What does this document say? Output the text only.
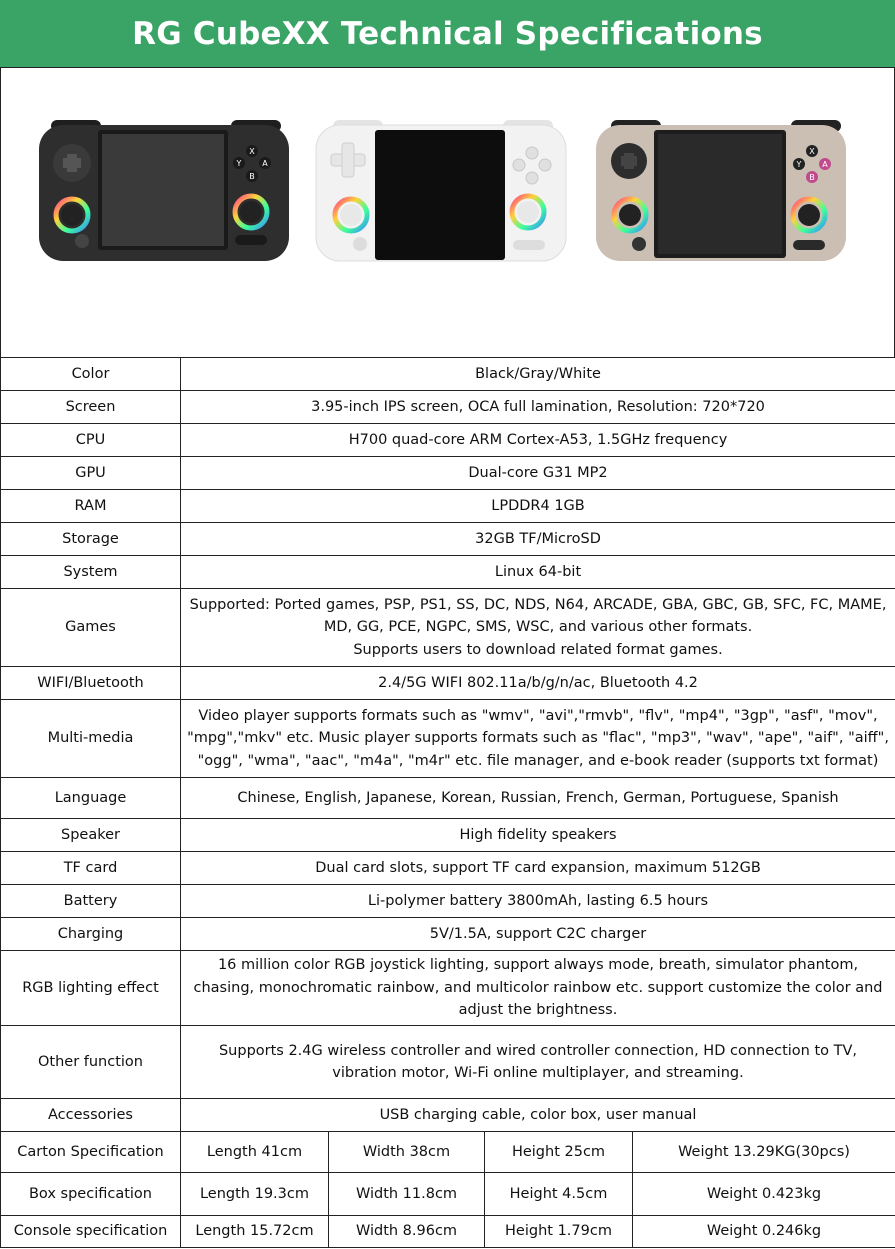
RG CubeXX Technical Specifications
X
Y	A
B
X
Y	A
B
Color	Black/Gray/White			
Screen	3.95-inch IPS screen, OCA full lamination, Resolution: 720*720			
CPU	H700 quad-core ARM Cortex-A53, 1.5GHz frequency			
GPU	Dual-core G31 MP2			
RAM	LPDDR4 1GB			
Storage	32GB TF/MicroSD			
System	Linux 64-bit			
Games	Supported: Ported games, PSP, PS1, SS, DC, NDS, N64, ARCADE, GBA, GBC, GB, SFC, FC, MAME, MD, GG, PCE, NGPC, SMS, WSC, and various other formats.
Supports users to download related format games.			
WIFI/Bluetooth	2.4/5G WIFI 802.11a/b/g/n/ac, Bluetooth 4.2			
Multi-media	Video player supports formats such as "wmv", "avi","rmvb", "flv", "mp4", "3gp", "asf", "mov", "mpg","mkv" etc. Music player supports formats such as "flac", "mp3", "wav", "ape", "aif", "aiff", "ogg", "wma", "aac", "m4a", "m4r" etc. file manager, and e-book reader (supports txt format)			
Language	Chinese, English, Japanese, Korean, Russian, French, German, Portuguese, Spanish			
Speaker	High fidelity speakers			
TF card	Dual card slots, support TF card expansion, maximum 512GB			
Battery	Li-polymer battery 3800mAh, lasting 6.5 hours			
Charging	5V/1.5A, support C2C charger			
RGB lighting effect	16 million color RGB joystick lighting, support always mode, breath, simulator phantom, chasing, monochromatic rainbow, and multicolor rainbow etc. support customize the color and adjust the brightness.			
Other function	Supports 2.4G wireless controller and wired controller connection, HD connection to TV, vibration motor, Wi-Fi online multiplayer, and streaming.			
Accessories	USB charging cable, color box, user manual			
Carton Specification	Length 41cm	Width 38cm	Height 25cm	Weight 13.29KG(30pcs)
Box specification	Length 19.3cm	Width 11.8cm	Height 4.5cm	Weight 0.423kg
Console specification	Length 15.72cm	Width 8.96cm	Height 1.79cm	Weight 0.246kg
